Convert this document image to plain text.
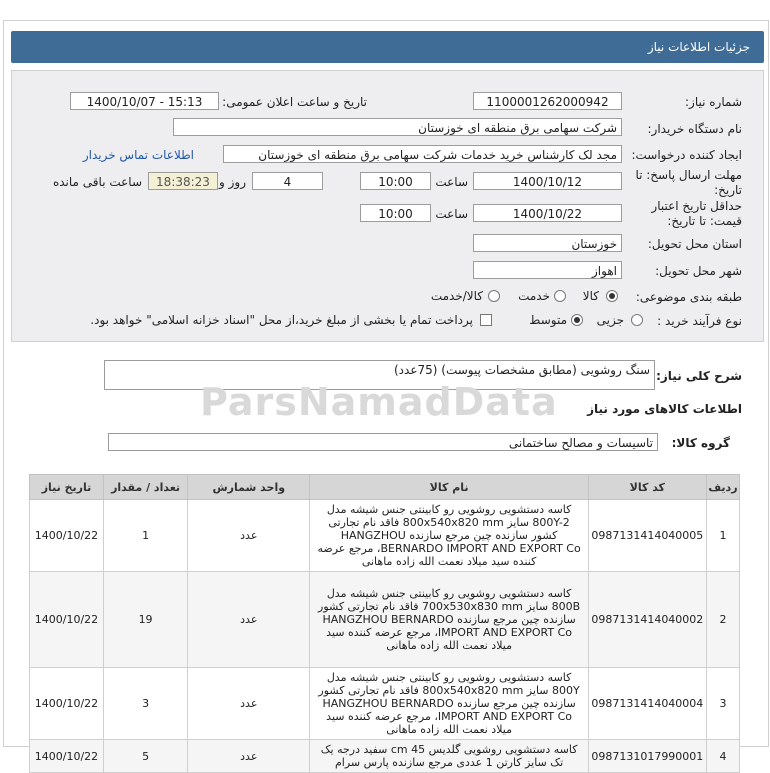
جزئیات اطلاعات نیاز
شماره نیاز:
1100001262000942
تاریخ و ساعت اعلان عمومی:
1400/10/07 - 15:13
نام دستگاه خریدار:
شرکت سهامی برق منطقه ای خوزستان
ایجاد کننده درخواست:
مجد لک کارشناس خرید خدمات شرکت سهامی برق منطقه ای خوزستان
اطلاعات تماس خریدار
مهلت ارسال پاسخ: تا
تاریخ:
1400/10/12
ساعت
10:00
4
روز و
18:38:23
ساعت باقی مانده
حداقل تاریخ اعتبار
قیمت: تا تاریخ:
1400/10/22
ساعت
10:00
استان محل تحویل:
خوزستان
شهر محل تحویل:
اهواز
طبقه بندی موضوعی:
کالا
خدمت
کالا/خدمت
نوع فرآیند خرید :
جزیی
متوسط
پرداخت تمام یا بخشی از مبلغ خرید،از محل "اسناد خزانه اسلامی" خواهد بود.
شرح کلی نیاز:
سنگ روشویی (مطابق مشخصات پیوست) (75عدد)
ParsNamadData اطلاعات کالاهای مورد نیاز
گروه کالا:
تاسیسات و مصالح ساختمانی
تاریخ نیاز	تعداد / مقدار	واحد شمارش	نام کالا	کد کالا	ردیف
1400/10/22	1	عدد	کاسه دستشویی روشویی رو کابینتی جنس شیشه مدل 800Y-2 سایز 800x540x820 mm فاقد نام تجارتی کشور سازنده چین مرجع سازنده HANGZHOU BERNARDO IMPORT AND EXPORT Co، مرجع عرضه کننده سید میلاد نعمت الله زاده ماهانی	0987131414040005	1
1400/10/22	19	عدد	کاسه دستشویی روشویی رو کابینتی جنس شیشه مدل 800B سایز 700x530x830 mm فاقد نام تجارتی کشور سازنده چین مرجع سازنده HANGZHOU BERNARDO IMPORT AND EXPORT Co، مرجع عرضه کننده سید میلاد نعمت الله زاده ماهانی	0987131414040002	2
1400/10/22	3	عدد	کاسه دستشویی روشویی رو کابینتی جنس شیشه مدل 800Y سایز 800x540x820 mm فاقد نام تجارتی کشور سازنده چین مرجع سازنده HANGZHOU BERNARDO IMPORT AND EXPORT Co، مرجع عرضه کننده سید میلاد نعمت الله زاده ماهانی	0987131414040004	3
1400/10/22	5	عدد	کاسه دستشویی روشویی گلدیس 45 cm سفید درجه یک تک سایز کارتن 1 عددی مرجع سازنده پارس سرام	0987131017990001	4
